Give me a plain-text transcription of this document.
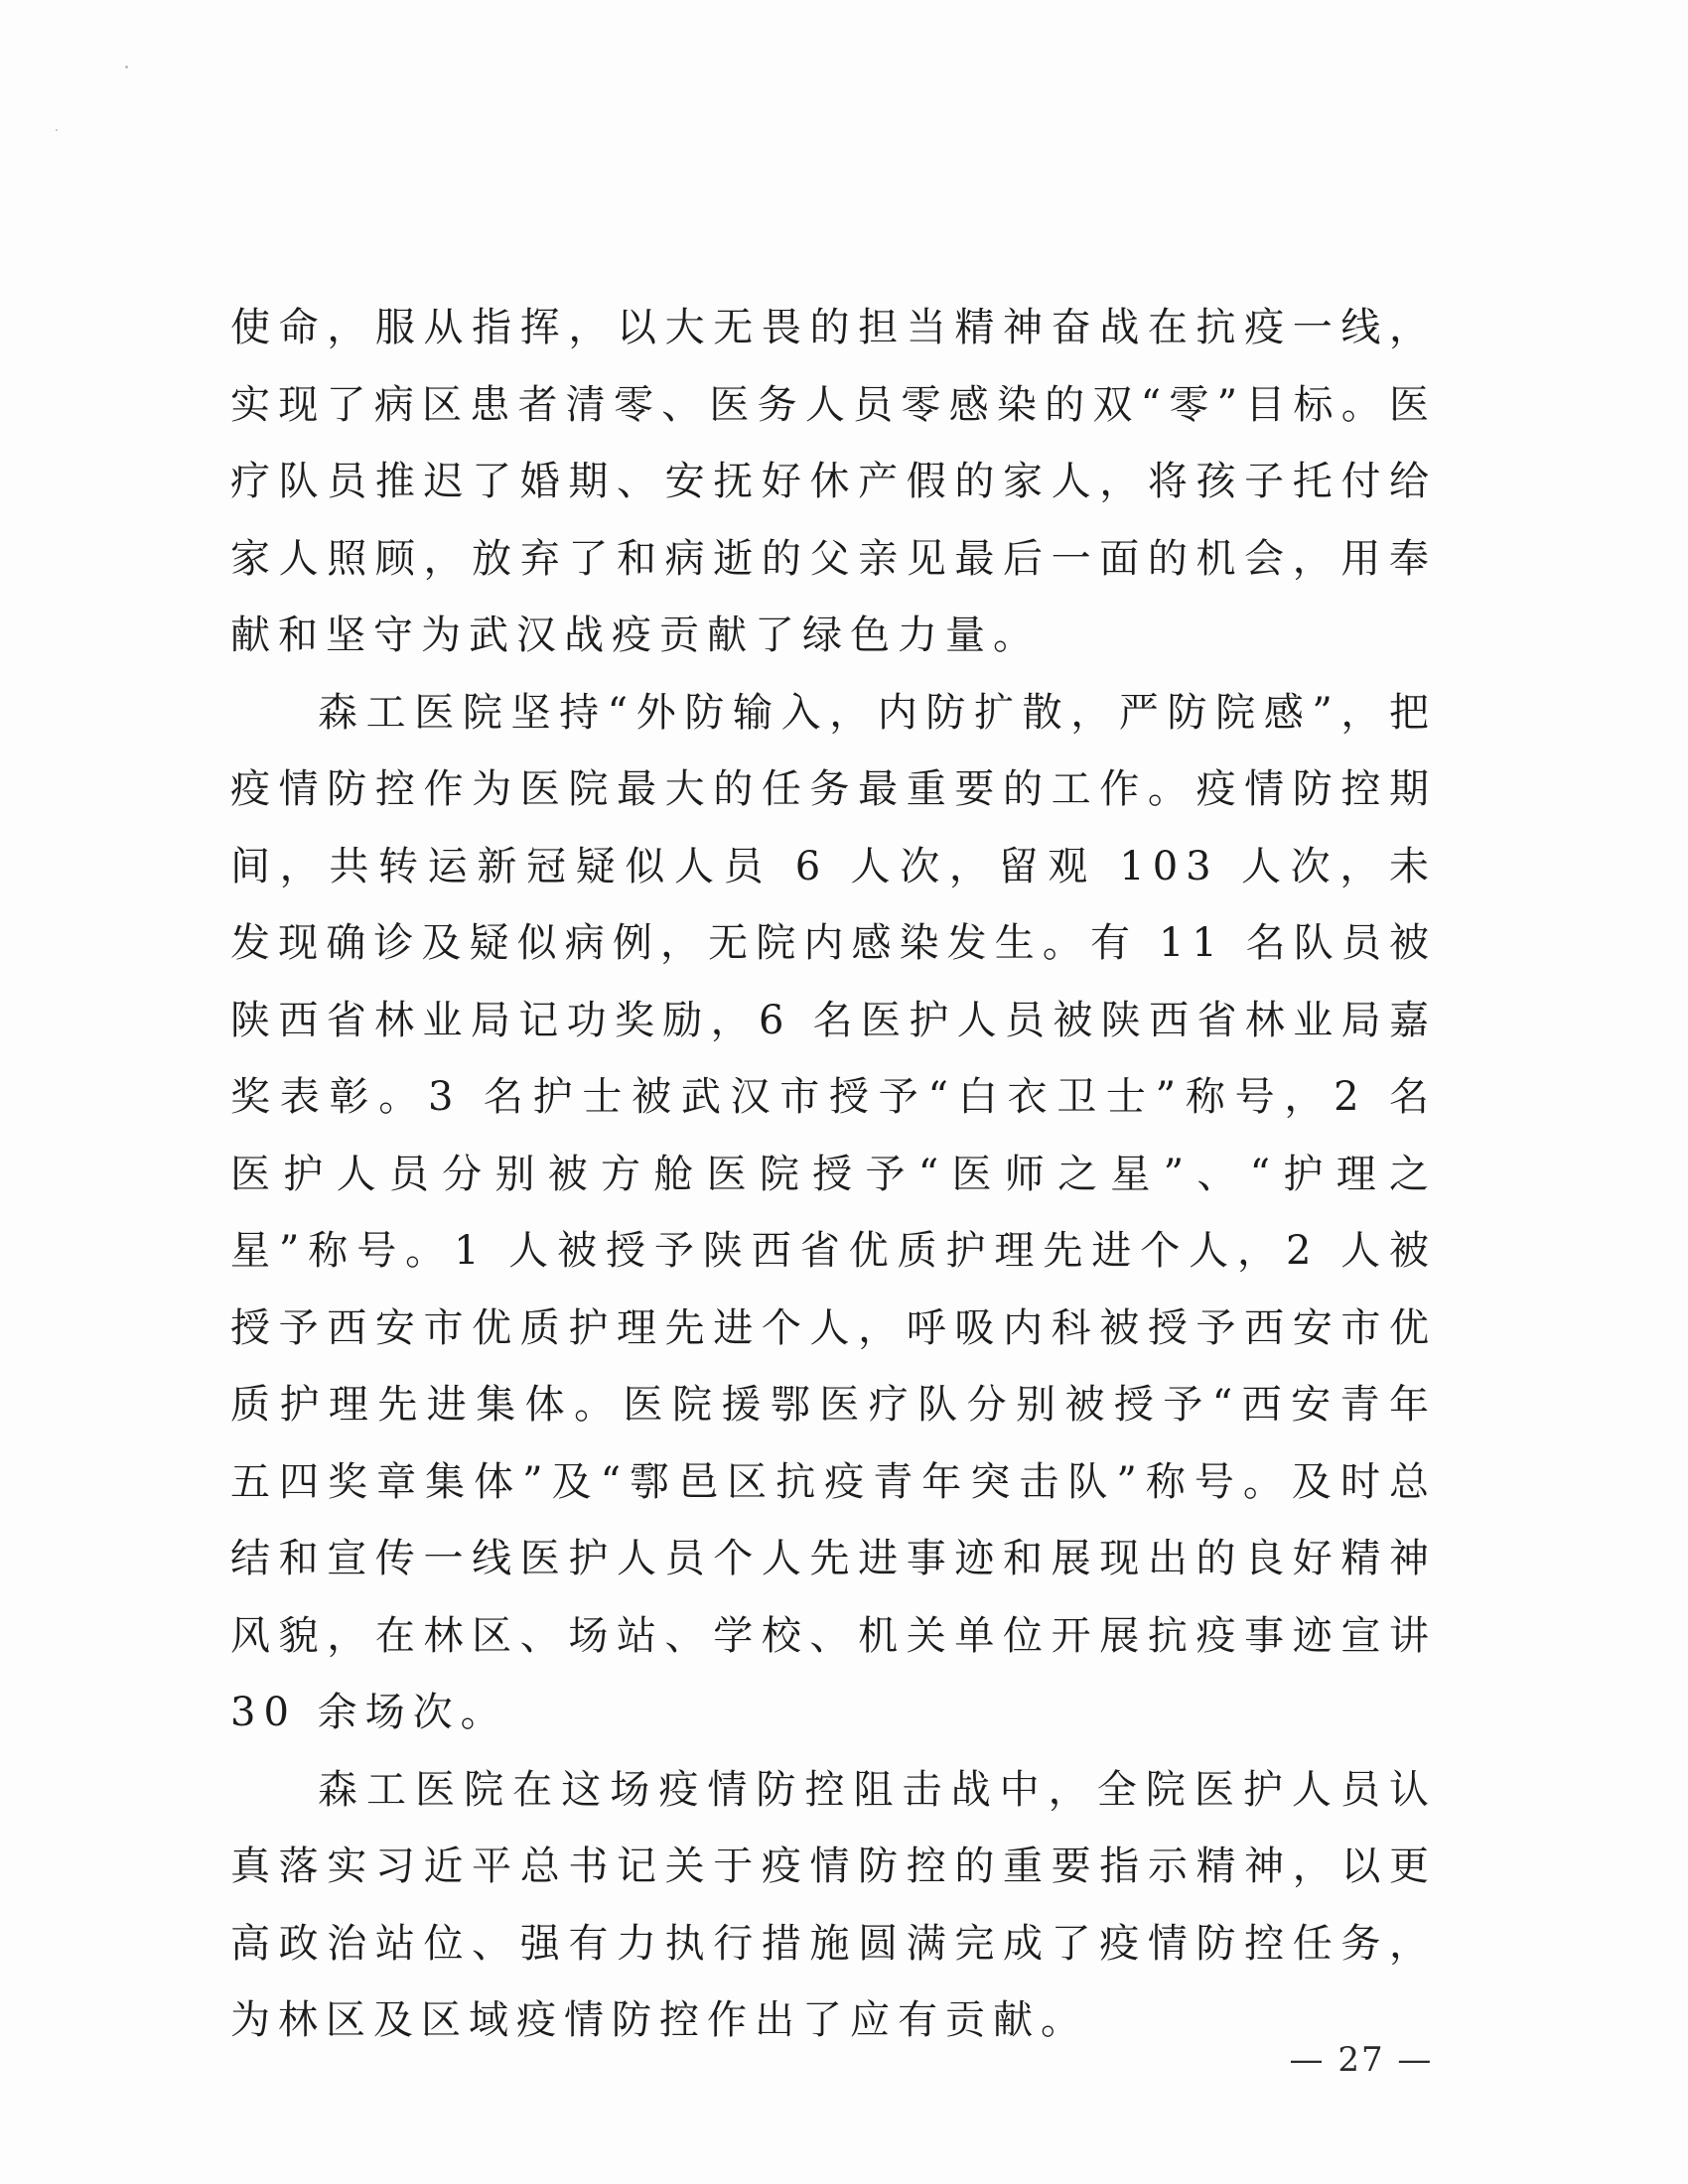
使命，服从指挥，以大无畏的担当精神奋战在抗疫一线，实现了病区患者清零、医务人员零感染的双“零”目标。医疗队员推迟了婚期、安抚好休产假的家人，将孩子托付给家人照顾，放弃了和病逝的父亲见最后一面的机会，用奉献和坚守为武汉战疫贡献了绿色力量。

森工医院坚持“外防输入，内防扩散，严防院感”，把疫情防控作为医院最大的任务最重要的工作。疫情防控期间，共转运新冠疑似人员 6 人次，留观 103 人次，未发现确诊及疑似病例，无院内感染发生。有 11 名队员被陕西省林业局记功奖励，6 名医护人员被陕西省林业局嘉奖表彰。3 名护士被武汉市授予“白衣卫士”称号，2 名医护人员分别被方舱医院授予“医师之星”、“护理之星”称号。1 人被授予陕西省优质护理先进个人，2 人被授予西安市优质护理先进个人，呼吸内科被授予西安市优质护理先进集体。医院援鄂医疗队分别被授予“西安青年五四奖章集体”及“鄠邑区抗疫青年突击队”称号。及时总结和宣传一线医护人员个人先进事迹和展现出的良好精神风貌，在林区、场站、学校、机关单位开展抗疫事迹宣讲 30 余场次。

森工医院在这场疫情防控阻击战中，全院医护人员认真落实习近平总书记关于疫情防控的重要指示精神，以更高政治站位、强有力执行措施圆满完成了疫情防控任务，为林区及区域疫情防控作出了应有贡献。

— 27 —
